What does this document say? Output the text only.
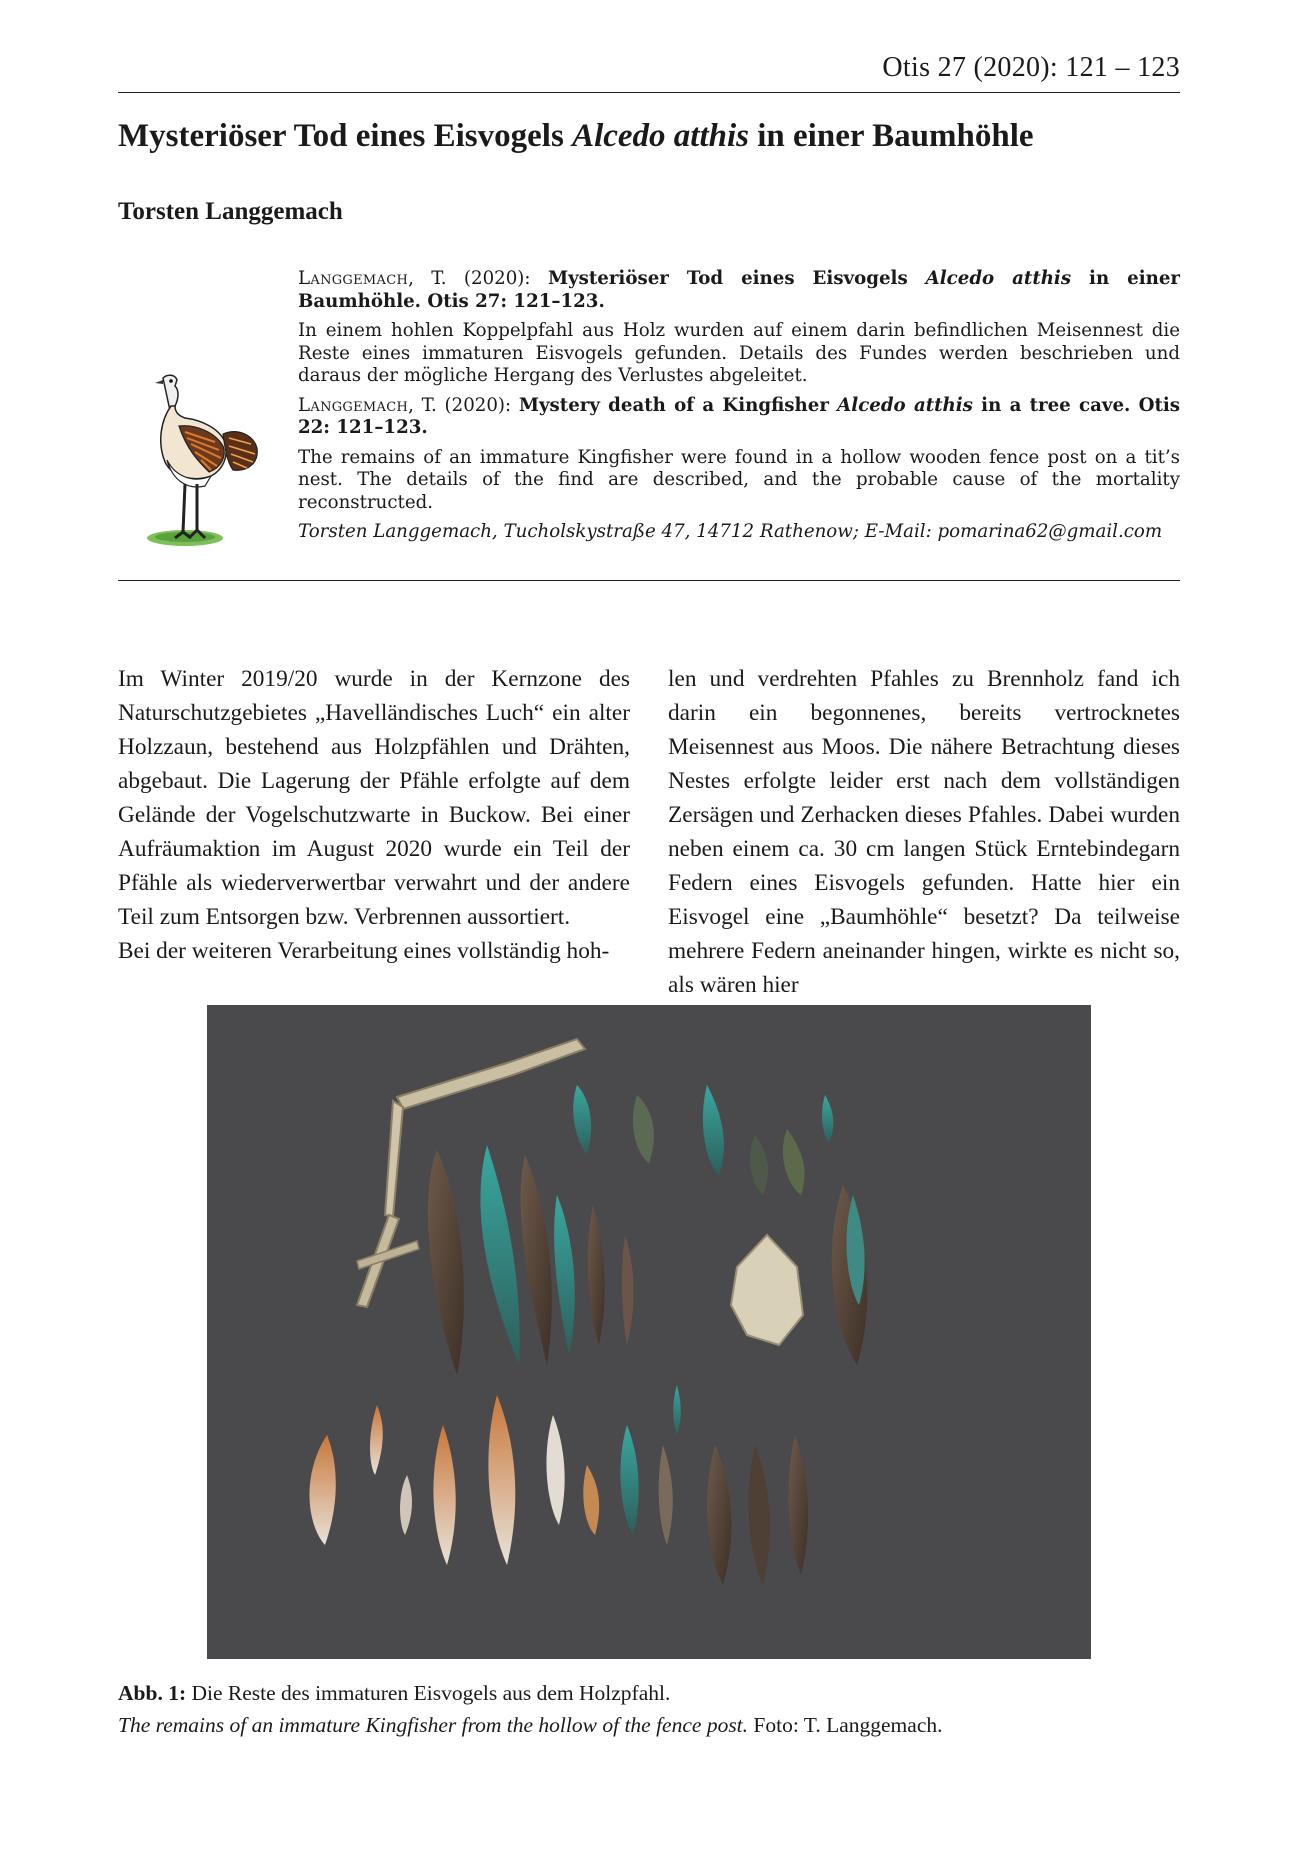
Otis 27 (2020): 121 – 123
Mysteriöser Tod eines Eisvogels Alcedo atthis in einer Baumhöhle
Torsten Langgemach

Langgemach, T. (2020): Mysteriöser Tod eines Eisvogels Alcedo atthis in einer Baumhöhle. Otis 27: 121–123.

In einem hohlen Koppelpfahl aus Holz wurden auf einem darin befindlichen Meisennest die Reste eines immaturen Eisvogels gefunden. Details des Fundes werden beschrieben und daraus der mögliche Hergang des Verlustes abgeleitet.

Langgemach, T. (2020): Mystery death of a Kingfisher Alcedo atthis in a tree cave. Otis 22: 121–123.

The remains of an immature Kingfisher were found in a hollow wooden fence post on a tit’s nest. The details of the find are described, and the probable cause of the mortality reconstructed.

Torsten Langgemach, Tucholskystraße 47, 14712 Rathenow; E-Mail: pomarina62@gmail.com

Im Winter 2019/20 wurde in der Kernzone des Naturschutzgebietes „Havelländisches Luch“ ein alter Holzzaun, bestehend aus Holzpfählen und Drähten, abgebaut. Die Lagerung der Pfähle erfolgte auf dem Gelände der Vogelschutzwarte in Buckow. Bei einer Aufräumaktion im August 2020 wurde ein Teil der Pfähle als wiederverwertbar verwahrt und der andere Teil zum Entsorgen bzw. Verbrennen aussortiert.

Bei der weiteren Verarbeitung eines vollständig hoh-

len und verdrehten Pfahles zu Brennholz fand ich darin ein begonnenes, bereits vertrocknetes Meisennest aus Moos. Die nähere Betrachtung dieses Nestes erfolgte leider erst nach dem vollständigen Zersägen und Zerhacken dieses Pfahles. Dabei wurden neben einem ca. 30 cm langen Stück Erntebindegarn Federn eines Eisvogels gefunden. Hatte hier ein Eisvogel eine „Baumhöhle“ besetzt? Da teilweise mehrere Federn aneinander hingen, wirkte es nicht so, als wären hier

Abb. 1: Die Reste des immaturen Eisvogels aus dem Holzpfahl.

The remains of an immature Kingfisher from the hollow of the fence post. Foto: T. Langgemach.
